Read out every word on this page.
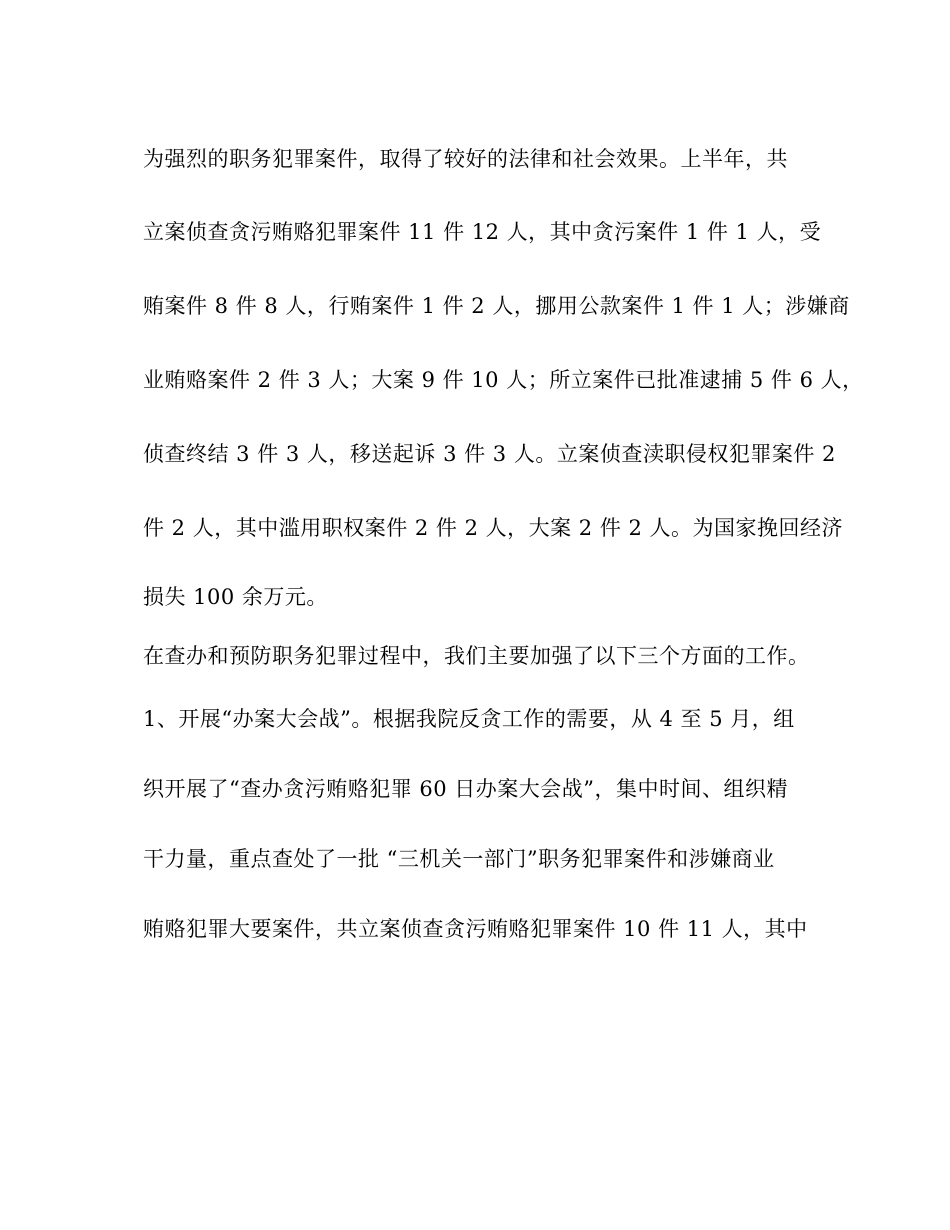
为强烈的职务犯罪案件，取得了较好的法律和社会效果。上半年，共
立案侦查贪污贿赂犯罪案件 11 件 12 人，其中贪污案件 1 件 1 人，受
贿案件 8 件 8 人，行贿案件 1 件 2 人，挪用公款案件 1 件 1 人；涉嫌商
业贿赂案件 2 件 3 人；大案 9 件 10 人；所立案件已批准逮捕 5 件 6 人，
侦查终结 3 件 3 人，移送起诉 3 件 3 人。立案侦查渎职侵权犯罪案件 2
件 2 人，其中滥用职权案件 2 件 2 人，大案 2 件 2 人。为国家挽回经济
损失 100 余万元。
在查办和预防职务犯罪过程中，我们主要加强了以下三个方面的工作。
1、开展“办案大会战”。根据我院反贪工作的需要，从 4 至 5 月，组
织开展了“查办贪污贿赂犯罪 60 日办案大会战”，集中时间、组织精
干力量，重点查处了一批 “三机关一部门”职务犯罪案件和涉嫌商业
贿赂犯罪大要案件，共立案侦查贪污贿赂犯罪案件 10 件 11 人，其中
